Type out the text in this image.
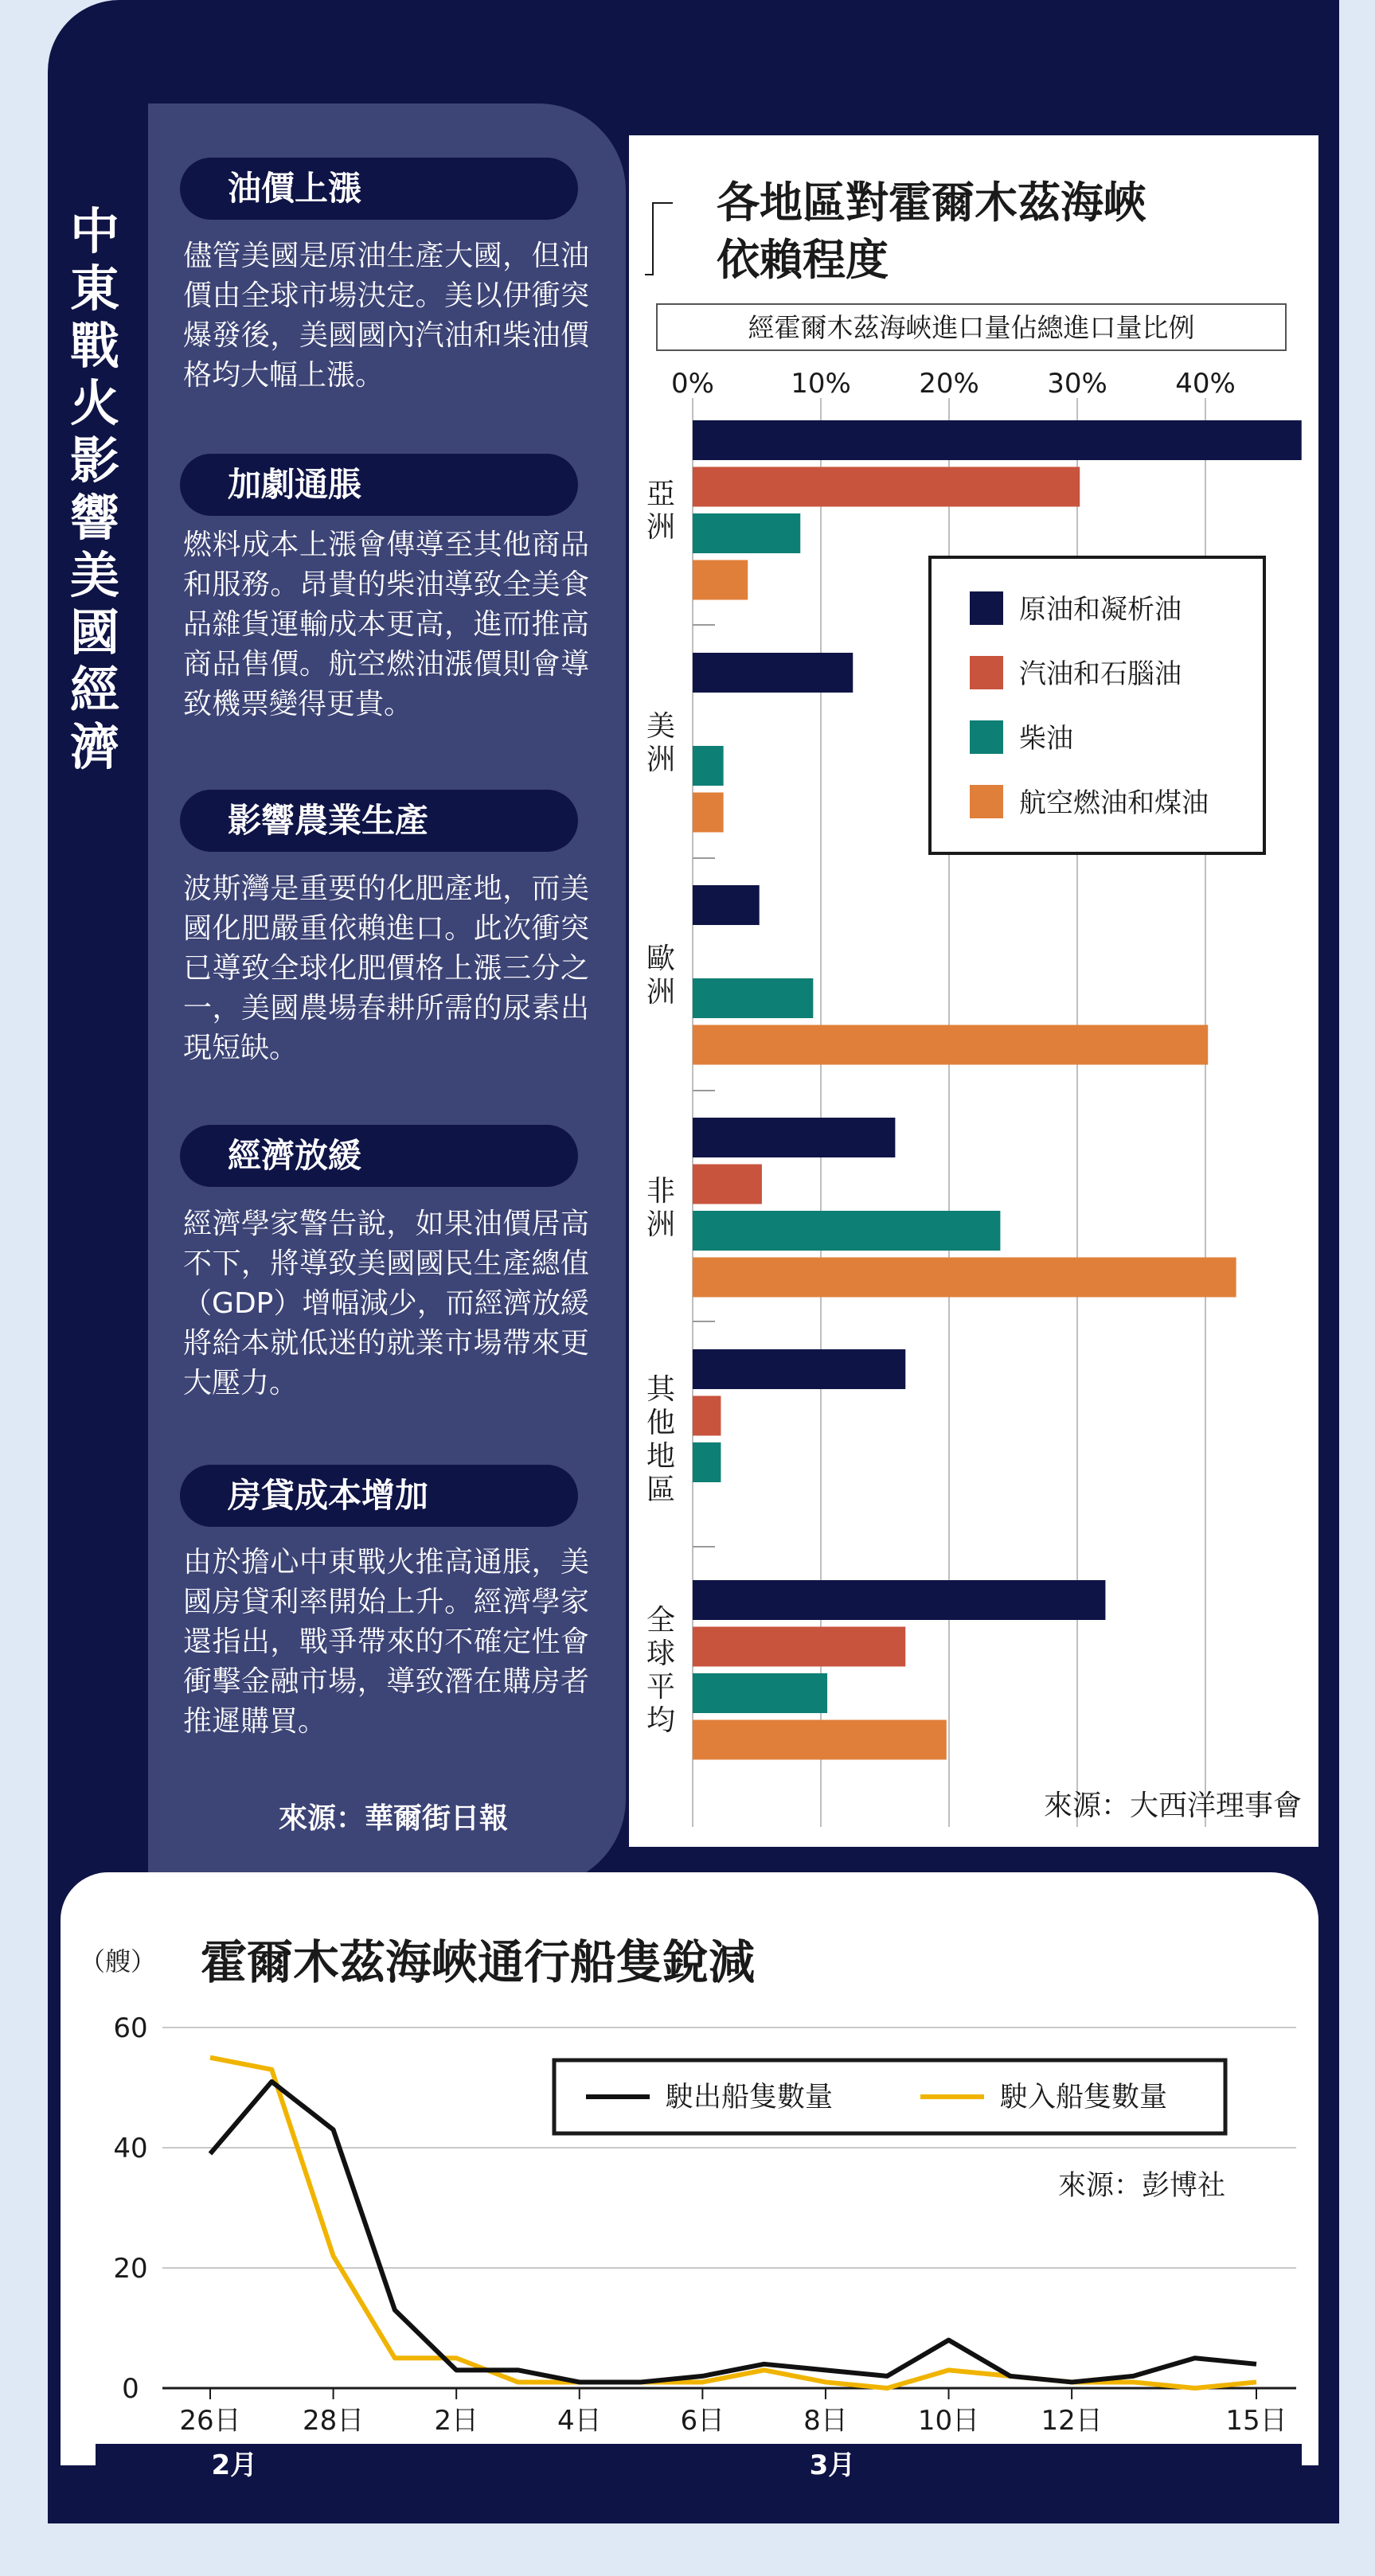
中
東
戰
火
影
響
美
國
經
濟
油價上漲
儘管美國是原油生產大國，但油價由全球市場決定。美以伊衝突爆發後，美國國內汽油和柴油價格均大幅上漲。
加劇通脹
燃料成本上漲會傳導至其他商品和服務。昂貴的柴油導致全美食品雜貨運輸成本更高，進而推高商品售價。航空燃油漲價則會導致機票變得更貴。
影響農業生產
波斯灣是重要的化肥產地，而美國化肥嚴重依賴進口。此次衝突已導致全球化肥價格上漲三分之一，美國農場春耕所需的尿素出現短缺。
經濟放緩
經濟學家警告說，如果油價居高不下，將導致美國國民生產總值（GDP）增幅減少，而經濟放緩將給本就低迷的就業市場帶來更大壓力。
房貸成本增加
由於擔心中東戰火推高通脹，美國房貸利率開始上升。經濟學家還指出，戰爭帶來的不確定性會衝擊金融市場，導致潛在購房者推遲購買。
來源：華爾街日報
各地區對霍爾木茲海峽
依賴程度
經霍爾木茲海峽進口量佔總進口量比例
0%	10%	20%	30%	40%
亞
洲
美
洲
歐
洲
非
洲
其
他
地
區
全
球
平
均
原油和凝析油
汽油和石腦油
柴油
航空燃油和煤油
來源：大西洋理事會
（艘） 霍爾木茲海峽通行船隻銳減
0
20
40
60
26日 28日	2日	4日	6日	8日	10日 12日	15日
駛出船隻數量	駛入船隻數量
來源：彭博社
2月	3月
